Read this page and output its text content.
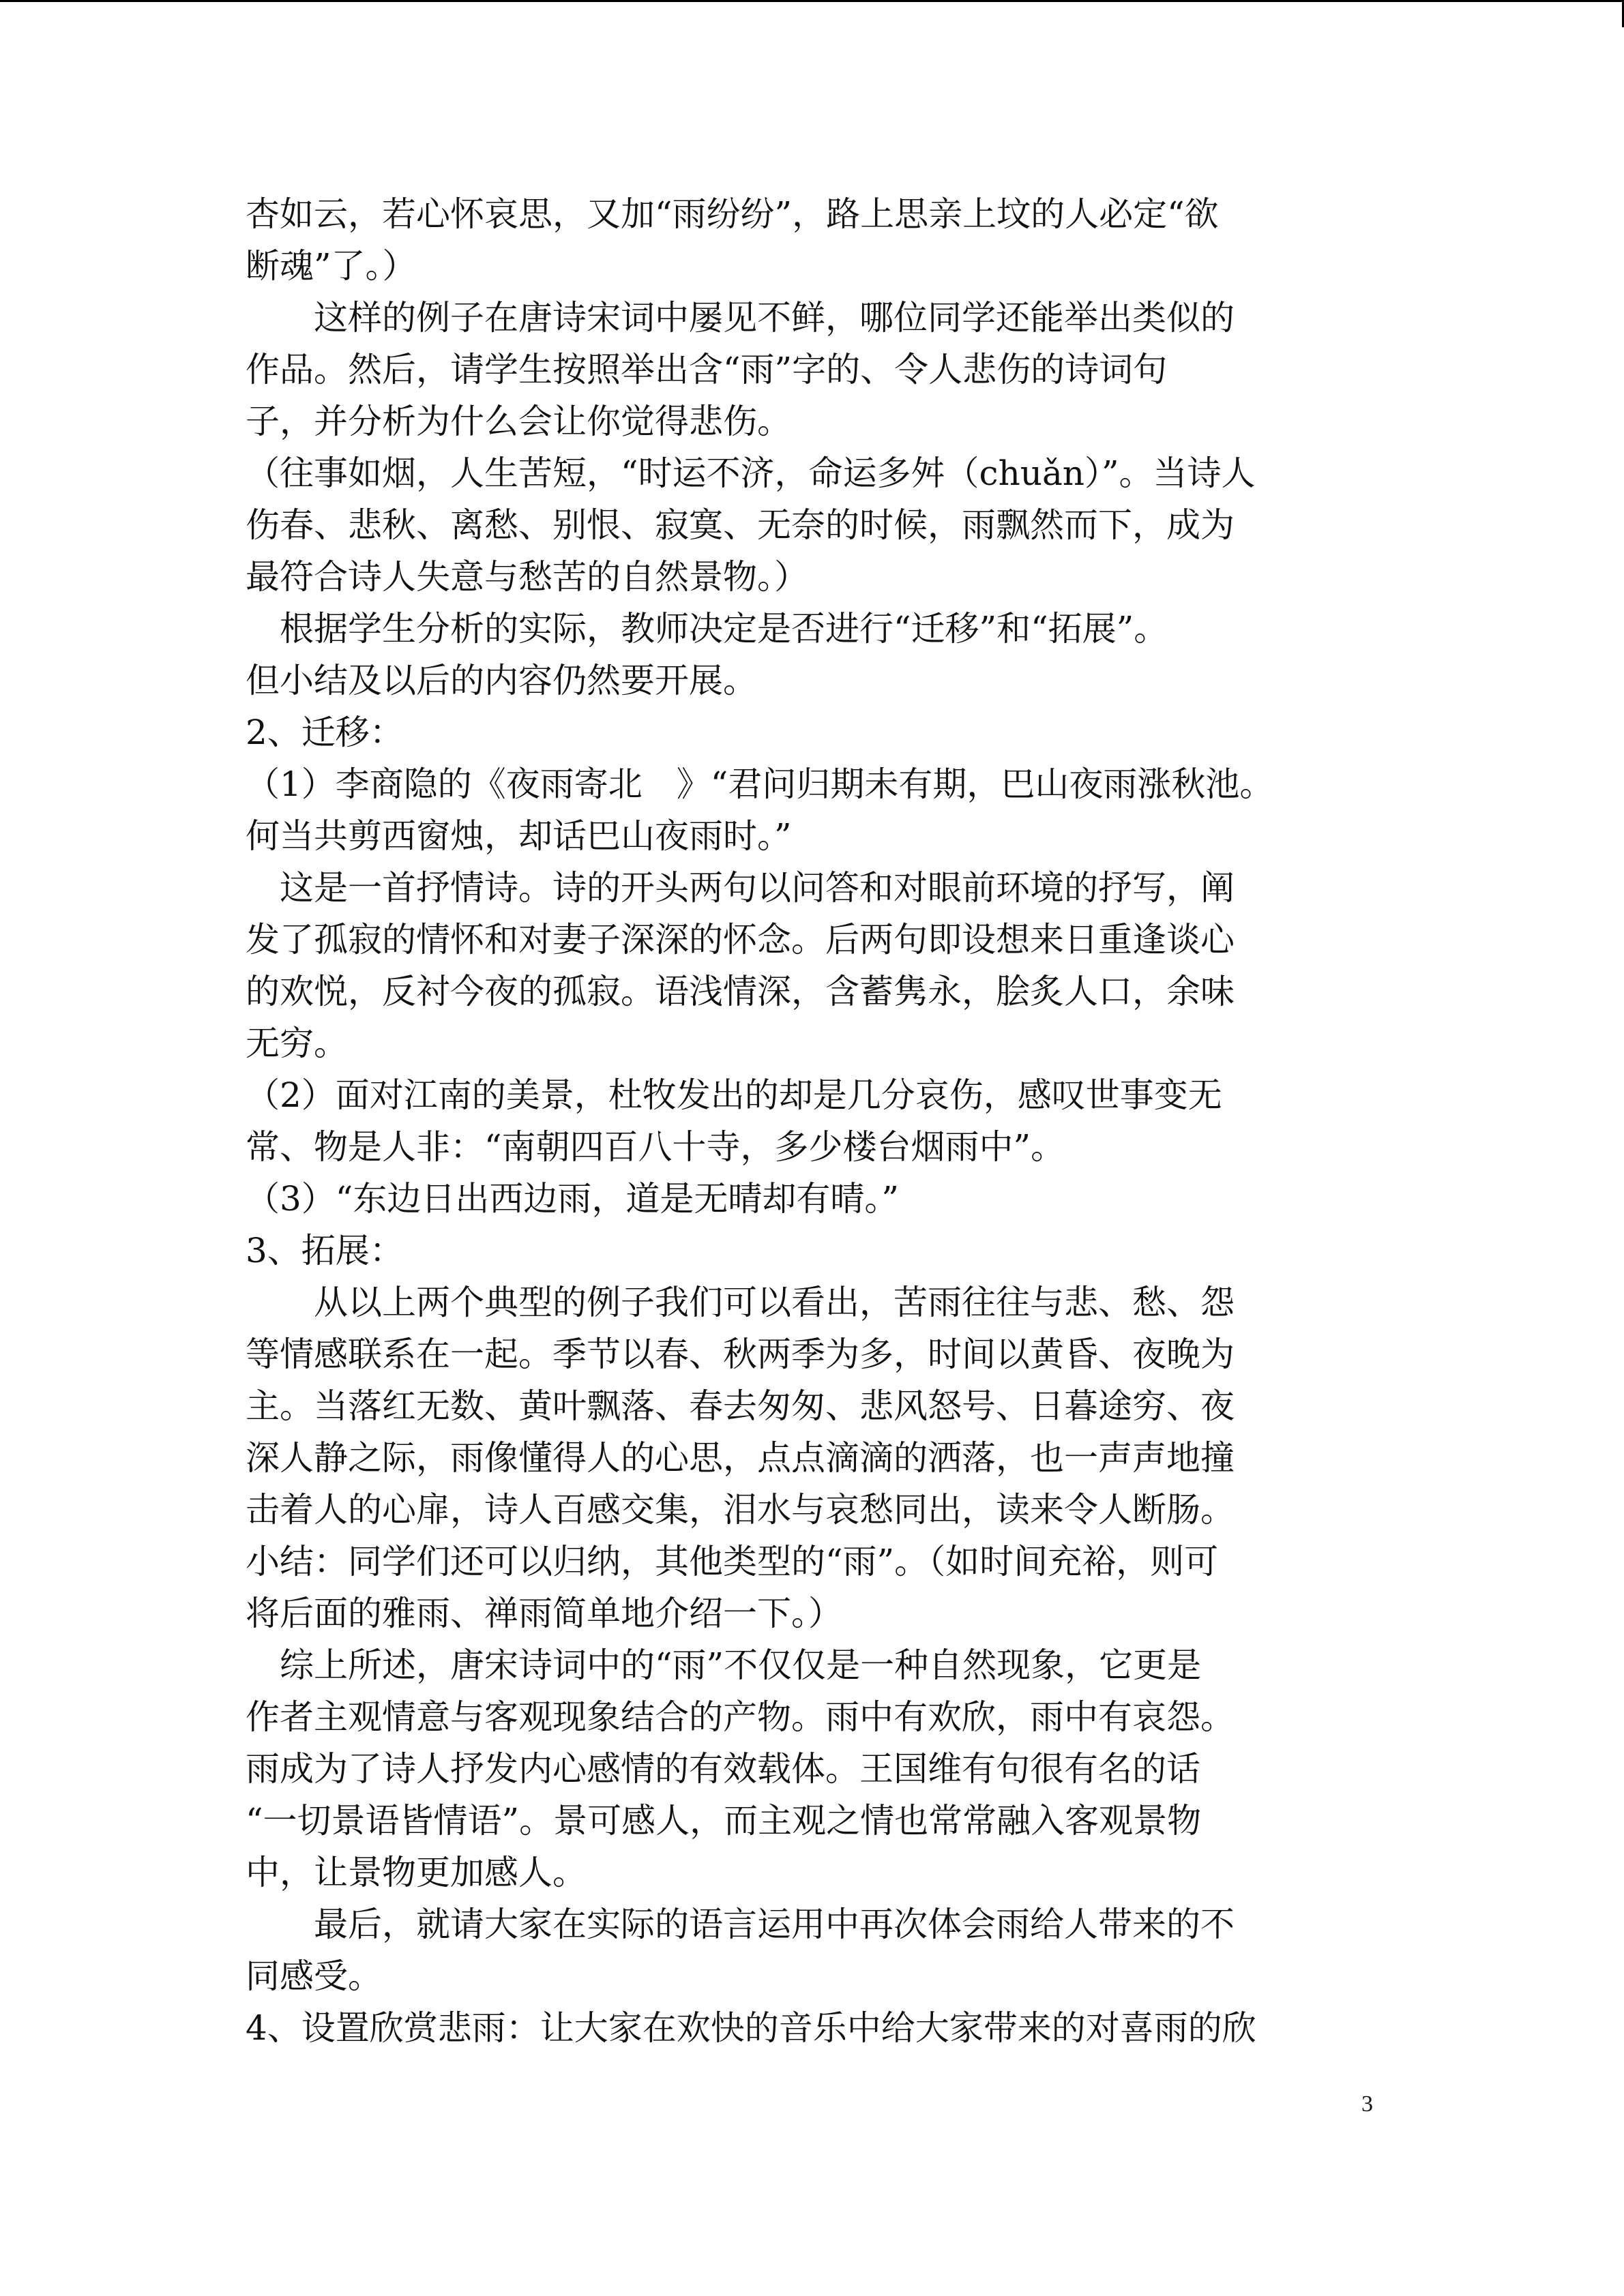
杏如云，若心怀哀思，又加“雨纷纷”，路上思亲上坟的人必定“欲
断魂”了。）
　　这样的例子在唐诗宋词中屡见不鲜，哪位同学还能举出类似的
作品。然后，请学生按照举出含“雨”字的、令人悲伤的诗词句
子，并分析为什么会让你觉得悲伤。
（往事如烟，人生苦短，“时运不济，命运多舛（chuǎn）”。当诗人
伤春、悲秋、离愁、别恨、寂寞、无奈的时候，雨飘然而下，成为
最符合诗人失意与愁苦的自然景物。）
　根据学生分析的实际，教师决定是否进行“迁移”和“拓展”。
但小结及以后的内容仍然要开展。
2、迁移：
（1）李商隐的《夜雨寄北　》“君问归期未有期，巴山夜雨涨秋池。
何当共剪西窗烛，却话巴山夜雨时。”
　这是一首抒情诗。诗的开头两句以问答和对眼前环境的抒写，阐
发了孤寂的情怀和对妻子深深的怀念。后两句即设想来日重逢谈心
的欢悦，反衬今夜的孤寂。语浅情深，含蓄隽永，脍炙人口，余味
无穷。
（2）面对江南的美景，杜牧发出的却是几分哀伤，感叹世事变无
常、物是人非：“南朝四百八十寺，多少楼台烟雨中”。
（3）“东边日出西边雨，道是无晴却有晴。”
3、拓展：
　　从以上两个典型的例子我们可以看出，苦雨往往与悲、愁、怨
等情感联系在一起。季节以春、秋两季为多，时间以黄昏、夜晚为
主。当落红无数、黄叶飘落、春去匆匆、悲风怒号、日暮途穷、夜
深人静之际，雨像懂得人的心思，点点滴滴的洒落，也一声声地撞
击着人的心扉，诗人百感交集，泪水与哀愁同出，读来令人断肠。
小结：同学们还可以归纳，其他类型的“雨”。（如时间充裕，则可
将后面的雅雨、禅雨简单地介绍一下。）
　综上所述，唐宋诗词中的“雨”不仅仅是一种自然现象，它更是
作者主观情意与客观现象结合的产物。雨中有欢欣，雨中有哀怨。
雨成为了诗人抒发内心感情的有效载体。王国维有句很有名的话
“一切景语皆情语”。景可感人，而主观之情也常常融入客观景物
中，让景物更加感人。
　　最后，就请大家在实际的语言运用中再次体会雨给人带来的不
同感受。
4、设置欣赏悲雨：让大家在欢快的音乐中给大家带来的对喜雨的欣
3
